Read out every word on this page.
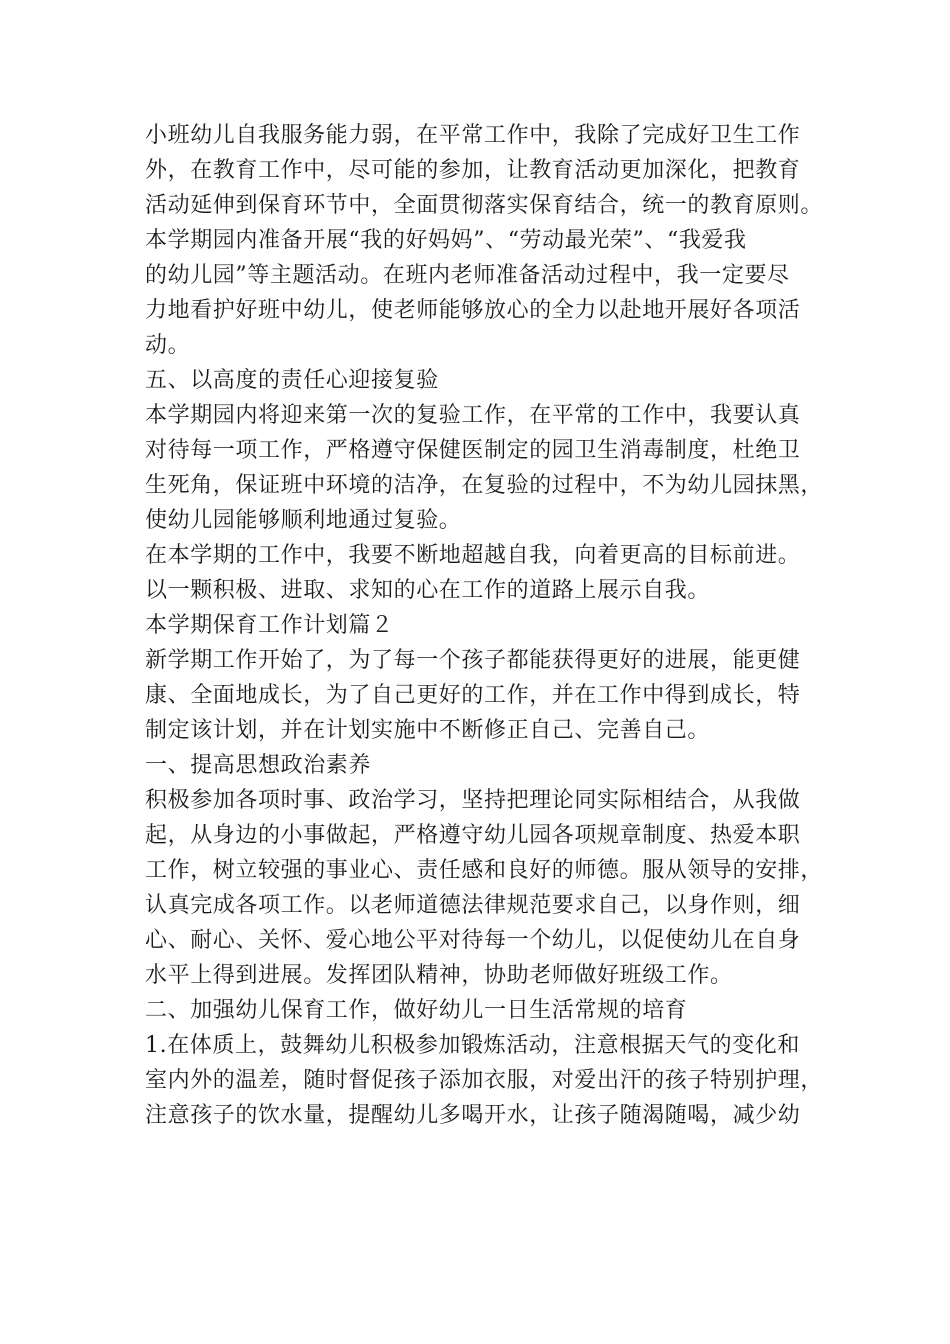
小班幼儿自我服务能力弱，在平常工作中，我除了完成好卫生工作
外，在教育工作中，尽可能的参加，让教育活动更加深化，把教育
活动延伸到保育环节中，全面贯彻落实保育结合，统一的教育原则。
本学期园内准备开展“我的好妈妈”、“劳动最光荣”、“我爱我
的幼儿园”等主题活动。在班内老师准备活动过程中，我一定要尽
力地看护好班中幼儿，使老师能够放心的全力以赴地开展好各项活
动。
五、以高度的责任心迎接复验
本学期园内将迎来第一次的复验工作，在平常的工作中，我要认真
对待每一项工作，严格遵守保健医制定的园卫生消毒制度，杜绝卫
生死角，保证班中环境的洁净，在复验的过程中，不为幼儿园抹黑，
使幼儿园能够顺利地通过复验。
在本学期的工作中，我要不断地超越自我，向着更高的目标前进。
以一颗积极、进取、求知的心在工作的道路上展示自我。
本学期保育工作计划篇２
新学期工作开始了，为了每一个孩子都能获得更好的进展，能更健
康、全面地成长，为了自己更好的工作，并在工作中得到成长，特
制定该计划，并在计划实施中不断修正自己、完善自己。
一、提高思想政治素养
积极参加各项时事、政治学习，坚持把理论同实际相结合，从我做
起，从身边的小事做起，严格遵守幼儿园各项规章制度、热爱本职
工作，树立较强的事业心、责任感和良好的师德。服从领导的安排，
认真完成各项工作。以老师道德法律规范要求自己，以身作则，细
心、耐心、关怀、爱心地公平对待每一个幼儿，以促使幼儿在自身
水平上得到进展。发挥团队精神，协助老师做好班级工作。
二、加强幼儿保育工作，做好幼儿一日生活常规的培育
1.在体质上，鼓舞幼儿积极参加锻炼活动，注意根据天气的变化和
室内外的温差，随时督促孩子添加衣服，对爱出汗的孩子特别护理，
注意孩子的饮水量，提醒幼儿多喝开水，让孩子随渴随喝，减少幼
